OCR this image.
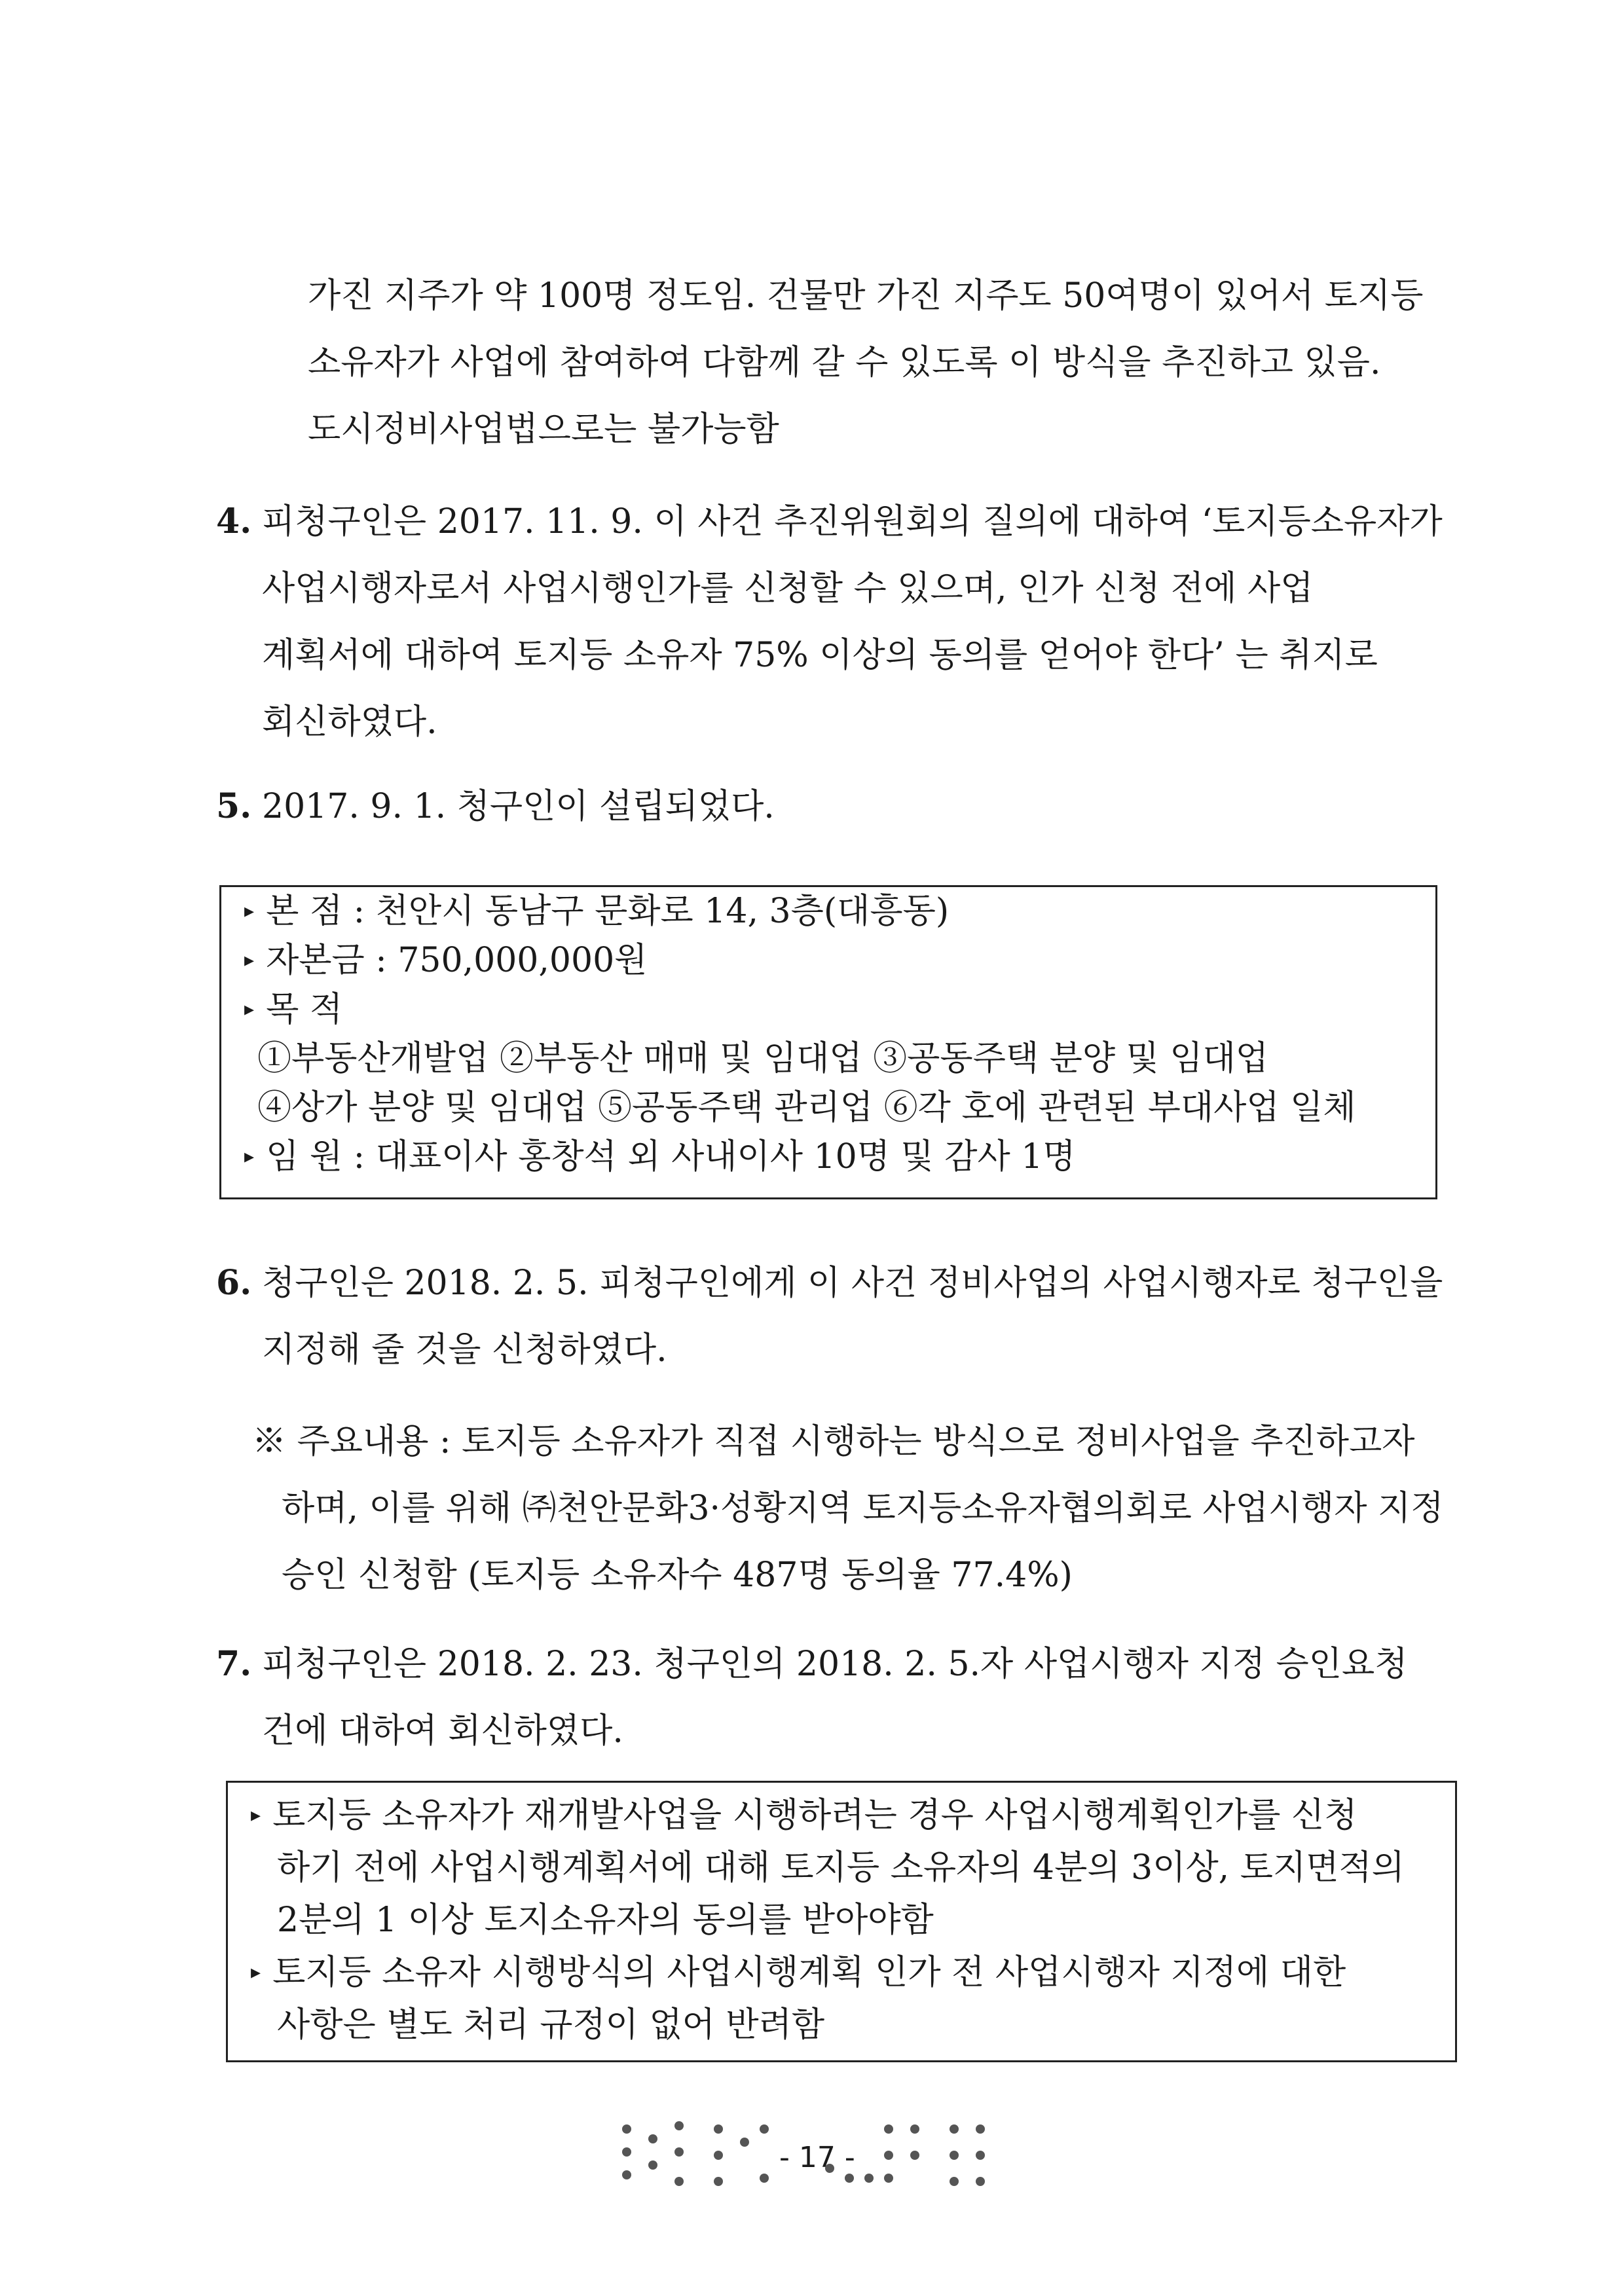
가진 지주가 약 100명 정도임. 건물만 가진 지주도 50여명이 있어서 토지등
소유자가 사업에 참여하여 다함께 갈 수 있도록 이 방식을 추진하고 있음.
도시정비사업법으로는 불가능함
4. 피청구인은 2017. 11. 9. 이 사건 추진위원회의 질의에 대하여 ‘토지등소유자가
사업시행자로서 사업시행인가를 신청할 수 있으며, 인가 신청 전에 사업
계획서에 대하여 토지등 소유자 75% 이상의 동의를 얻어야 한다’ 는 취지로
회신하였다.
5. 2017. 9. 1. 청구인이 설립되었다.
▸ 본 점 : 천안시 동남구 문화로 14, 3층(대흥동)
▸ 자본금 : 750,000,000원
▸ 목 적
①부동산개발업 ②부동산 매매 및 임대업 ③공동주택 분양 및 임대업
④상가 분양 및 임대업 ⑤공동주택 관리업 ⑥각 호에 관련된 부대사업 일체
▸ 임 원 : 대표이사 홍창석 외 사내이사 10명 및 감사 1명
6. 청구인은 2018. 2. 5. 피청구인에게 이 사건 정비사업의 사업시행자로 청구인을
지정해 줄 것을 신청하였다.
※ 주요내용 : 토지등 소유자가 직접 시행하는 방식으로 정비사업을 추진하고자
하며, 이를 위해 ㈜천안문화3·성황지역 토지등소유자협의회로 사업시행자 지정
승인 신청함 (토지등 소유자수 487명 동의율 77.4%)
7. 피청구인은 2018. 2. 23. 청구인의 2018. 2. 5.자 사업시행자 지정 승인요청
건에 대하여 회신하였다.
▸ 토지등 소유자가 재개발사업을 시행하려는 경우 사업시행계획인가를 신청
하기 전에 사업시행계획서에 대해 토지등 소유자의 4분의 3이상, 토지면적의
2분의 1 이상 토지소유자의 동의를 받아야함
▸ 토지등 소유자 시행방식의 사업시행계획 인가 전 사업시행자 지정에 대한
사항은 별도 처리 규정이 없어 반려함
- 17 -
